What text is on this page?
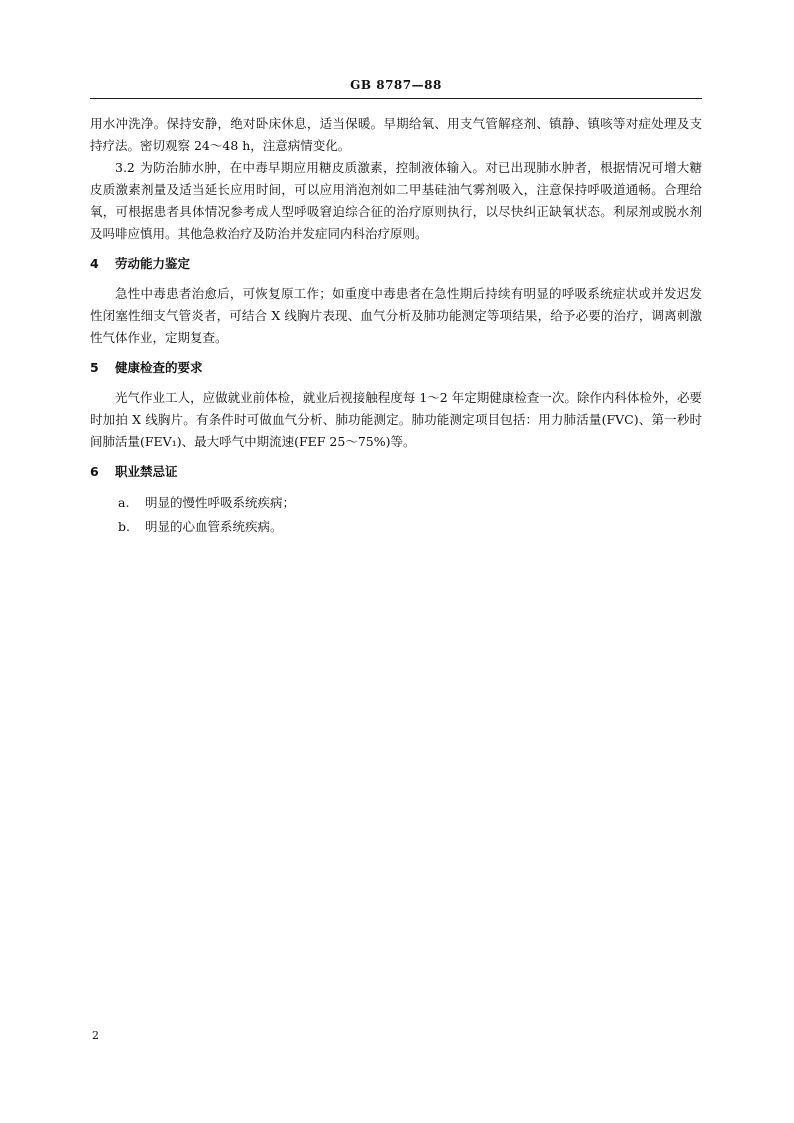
GB 8787—88

用水冲洗净。保持安静，绝对卧床休息，适当保暖。早期给氧、用支气管解痉剂、镇静、镇咳等对症处理及支持疗法。密切观察 24～48 h，注意病情变化。

3.2 为防治肺水肿，在中毒早期应用糖皮质激素，控制液体输入。对已出现肺水肿者，根据情况可增大糖皮质激素剂量及适当延长应用时间，可以应用消泡剂如二甲基硅油气雾剂吸入，注意保持呼吸道通畅。合理给氧，可根据患者具体情况参考成人型呼吸窘迫综合征的治疗原则执行，以尽快纠正缺氧状态。利尿剂或脱水剂及吗啡应慎用。其他急救治疗及防治并发症同内科治疗原则。

4 劳动能力鉴定

急性中毒患者治愈后，可恢复原工作；如重度中毒患者在急性期后持续有明显的呼吸系统症状或并发迟发性闭塞性细支气管炎者，可结合 X 线胸片表现、血气分析及肺功能测定等项结果，给予必要的治疗，调离刺激性气体作业，定期复查。

5 健康检查的要求

光气作业工人，应做就业前体检，就业后视接触程度每 1～2 年定期健康检查一次。除作内科体检外，必要时加拍 X 线胸片。有条件时可做血气分析、肺功能测定。肺功能测定项目包括：用力肺活量(FVC)、第一秒时间肺活量(FEV₁)、最大呼气中期流速(FEF 25～75%)等。

6 职业禁忌证
a. 明显的慢性呼吸系统疾病；
b. 明显的心血管系统疾病。
2
